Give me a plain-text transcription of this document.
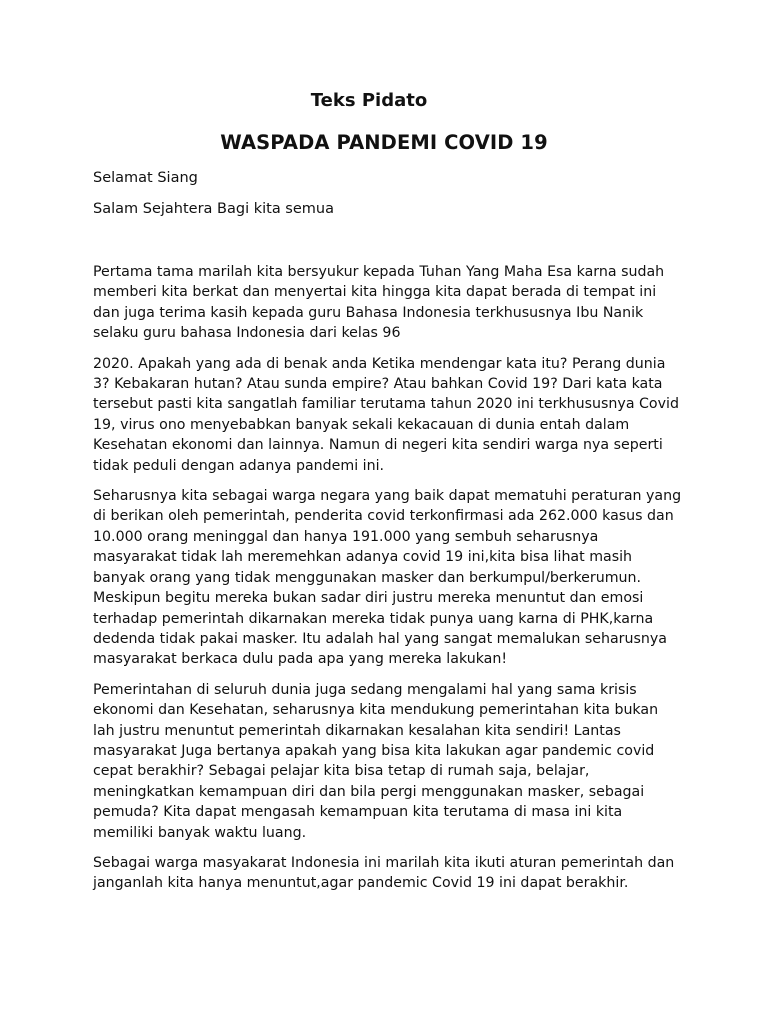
Teks Pidato
WASPADA PANDEMI COVID 19
Selamat Siang
Salam Sejahtera Bagi kita semua

Pertama tama marilah kita bersyukur kepada Tuhan Yang Maha Esa karna sudah memberi kita berkat dan menyertai kita hingga kita dapat berada di tempat ini dan juga terima kasih kepada guru Bahasa Indonesia terkhususnya Ibu Nanik selaku guru bahasa Indonesia dari kelas 96

2020. Apakah yang ada di benak anda Ketika mendengar kata itu? Perang dunia 3? Kebakaran hutan? Atau sunda empire? Atau bahkan Covid 19? Dari kata kata tersebut pasti kita sangatlah familiar terutama tahun 2020 ini terkhususnya Covid 19, virus ono menyebabkan banyak sekali kekacauan di dunia entah dalam Kesehatan ekonomi dan lainnya. Namun di negeri kita sendiri warga nya seperti tidak peduli dengan adanya pandemi ini.

Seharusnya kita sebagai warga negara yang baik dapat mematuhi peraturan yang di berikan oleh pemerintah, penderita covid terkonfirmasi ada 262.000 kasus dan 10.000 orang meninggal dan hanya 191.000 yang sembuh seharusnya masyarakat tidak lah meremehkan adanya covid 19 ini,kita bisa lihat masih banyak orang yang tidak menggunakan masker dan berkumpul/berkerumun. Meskipun begitu mereka bukan sadar diri justru mereka menuntut dan emosi terhadap pemerintah dikarnakan mereka tidak punya uang karna di PHK,karna dedenda tidak pakai masker. Itu adalah hal yang sangat memalukan seharusnya masyarakat berkaca dulu pada apa yang mereka lakukan!

Pemerintahan di seluruh dunia juga sedang mengalami hal yang sama krisis ekonomi dan Kesehatan, seharusnya kita mendukung pemerintahan kita bukan lah justru menuntut pemerintah dikarnakan kesalahan kita sendiri! Lantas masyarakat Juga bertanya apakah yang bisa kita lakukan agar pandemic covid cepat berakhir? Sebagai pelajar kita bisa tetap di rumah saja, belajar, meningkatkan kemampuan diri dan bila pergi menggunakan masker, sebagai pemuda? Kita dapat mengasah kemampuan kita terutama di masa ini kita memiliki banyak waktu luang.

Sebagai warga masyakarat Indonesia ini marilah kita ikuti aturan pemerintah dan janganlah kita hanya menuntut,agar pandemic Covid 19 ini dapat berakhir.
